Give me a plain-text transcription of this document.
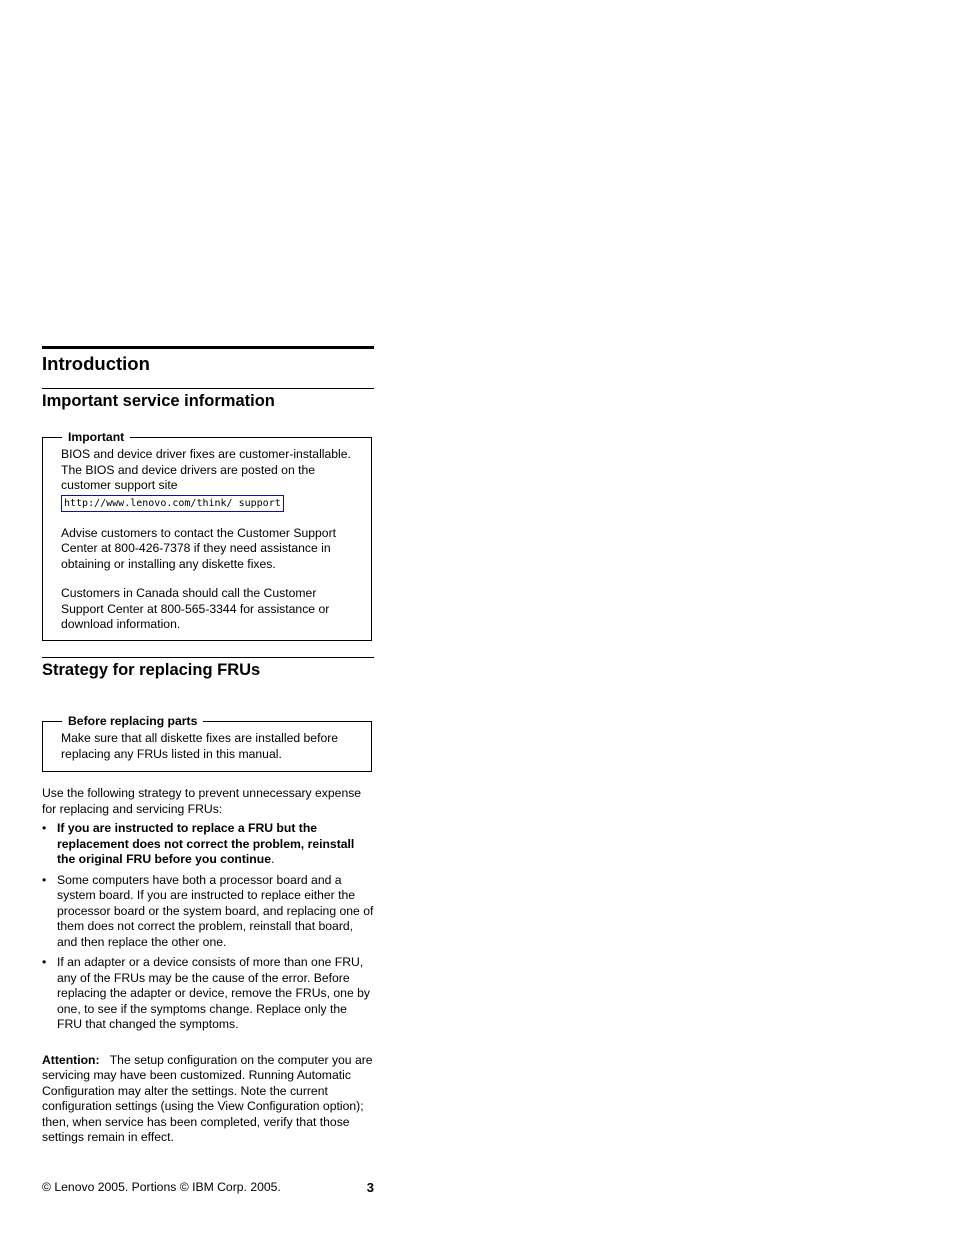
Introduction
Important service information
Important

BIOS and device driver fixes are customer-installable. The BIOS and device drivers are posted on the customer support site
http://www.lenovo.com/think/ support

Advise customers to contact the Customer Support Center at 800-426-7378 if they need assistance in obtaining or installing any diskette fixes.

Customers in Canada should call the Customer Support Center at 800-565-3344 for assistance or download information.

Strategy for replacing FRUs
Before replacing parts

Make sure that all diskette fixes are installed before replacing any FRUs listed in this manual.

Use the following strategy to prevent unnecessary expense for replacing and servicing FRUs:

• If you are instructed to replace a FRU but the replacement does not correct the problem, reinstall the original FRU before you continue.
• Some computers have both a processor board and a system board. If you are instructed to replace either the processor board or the system board, and replacing one of them does not correct the problem, reinstall that board, and then replace the other one.
• If an adapter or a device consists of more than one FRU, any of the FRUs may be the cause of the error. Before replacing the adapter or device, remove the FRUs, one by one, to see if the symptoms change. Replace only the FRU that changed the symptoms.

Attention: The setup configuration on the computer you are servicing may have been customized. Running Automatic Configuration may alter the settings. Note the current configuration settings (using the View Configuration option); then, when service has been completed, verify that those settings remain in effect.

© Lenovo 2005. Portions © IBM Corp. 2005.	3
